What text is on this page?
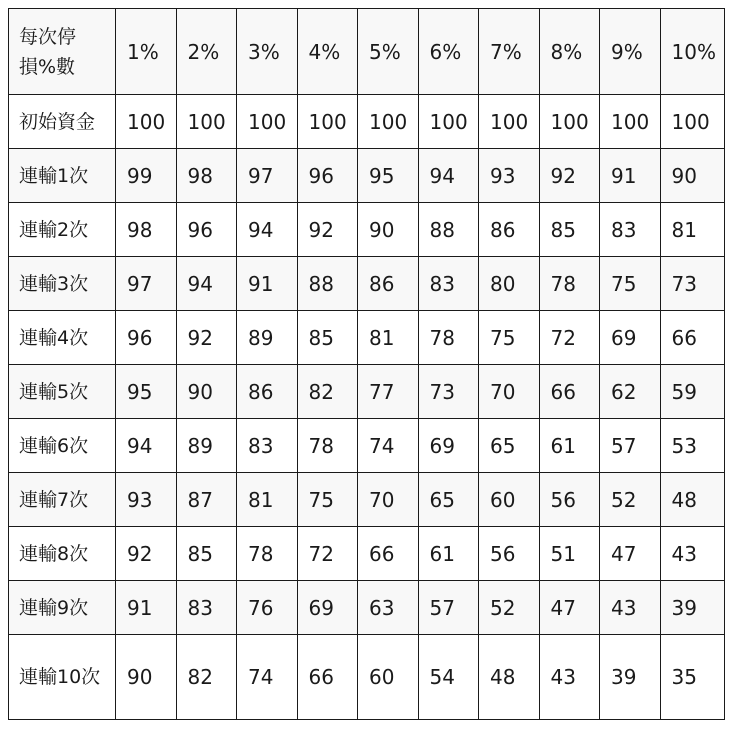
每次停損%數	1%	2%	3%	4%	5%	6%	7%	8%	9%	10%
初始資金	100	100	100	100	100	100	100	100	100	100
連輸1次	99	98	97	96	95	94	93	92	91	90
連輸2次	98	96	94	92	90	88	86	85	83	81
連輸3次	97	94	91	88	86	83	80	78	75	73
連輸4次	96	92	89	85	81	78	75	72	69	66
連輸5次	95	90	86	82	77	73	70	66	62	59
連輸6次	94	89	83	78	74	69	65	61	57	53
連輸7次	93	87	81	75	70	65	60	56	52	48
連輸8次	92	85	78	72	66	61	56	51	47	43
連輸9次	91	83	76	69	63	57	52	47	43	39
連輸10次	90	82	74	66	60	54	48	43	39	35
